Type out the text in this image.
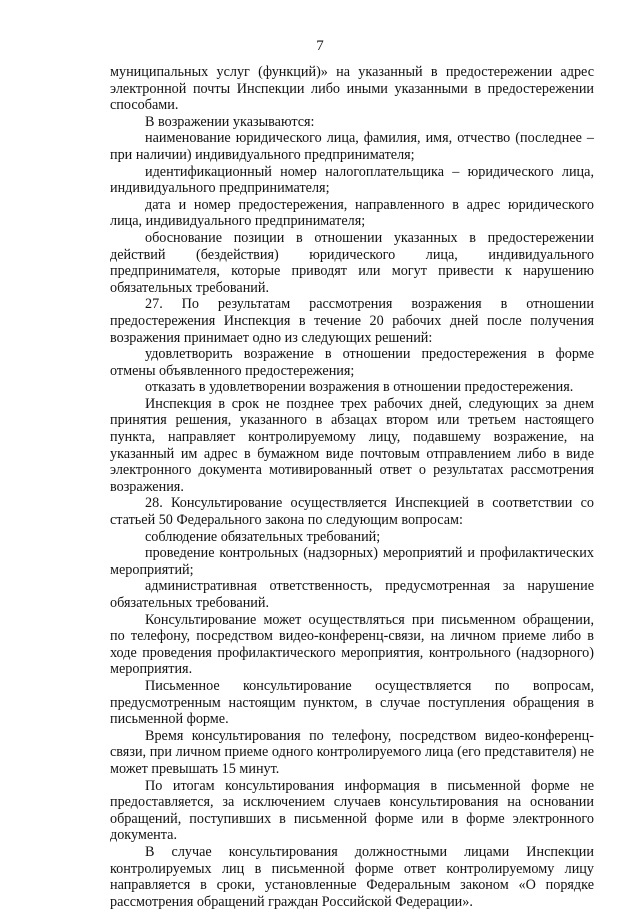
7

муниципальных услуг (функций)» на указанный в предостережении адрес электронной почты Инспекции либо иными указанными в предостережении способами.

В возражении указываются:

наименование юридического лица, фамилия, имя, отчество (последнее – при наличии) индивидуального предпринимателя;

идентификационный номер налогоплательщика – юридического лица, индивидуального предпринимателя;

дата и номер предостережения, направленного в адрес юридического лица, индивидуального предпринимателя;

обоснование позиции в отношении указанных в предостережении действий (бездействия) юридического лица, индивидуального предпринимателя, которые приводят или могут привести к нарушению обязательных требований.

27. По результатам рассмотрения возражения в отношении предостережения Инспекция в течение 20 рабочих дней после получения возражения принимает одно из следующих решений:

удовлетворить возражение в отношении предостережения в форме отмены объявленного предостережения;

отказать в удовлетворении возражения в отношении предостережения.

Инспекция в срок не позднее трех рабочих дней, следующих за днем принятия решения, указанного в абзацах втором или третьем настоящего пункта, направляет контролируемому лицу, подавшему возражение, на указанный им адрес в бумажном виде почтовым отправлением либо в виде электронного документа мотивированный ответ о результатах рассмотрения возражения.

28. Консультирование осуществляется Инспекцией в соответствии со статьей 50 Федерального закона по следующим вопросам:

соблюдение обязательных требований;

проведение контрольных (надзорных) мероприятий и профилактических мероприятий;

административная ответственность, предусмотренная за нарушение обязательных требований.

Консультирование может осуществляться при письменном обращении, по телефону, посредством видео-конференц-связи, на личном приеме либо в ходе проведения профилактического мероприятия, контрольного (надзорного) мероприятия.

Письменное консультирование осуществляется по вопросам, предусмотренным настоящим пунктом, в случае поступления обращения в письменной форме.

Время консультирования по телефону, посредством видео-конференц-связи, при личном приеме одного контролируемого лица (его представителя) не может превышать 15 минут.

По итогам консультирования информация в письменной форме не предоставляется, за исключением случаев консультирования на основании обращений, поступивших в письменной форме или в форме электронного документа.

В случае консультирования должностными лицами Инспекции контролируемых лиц в письменной форме ответ контролируемому лицу направляется в сроки, установленные Федеральным законом «О порядке рассмотрения обращений граждан Российской Федерации».
